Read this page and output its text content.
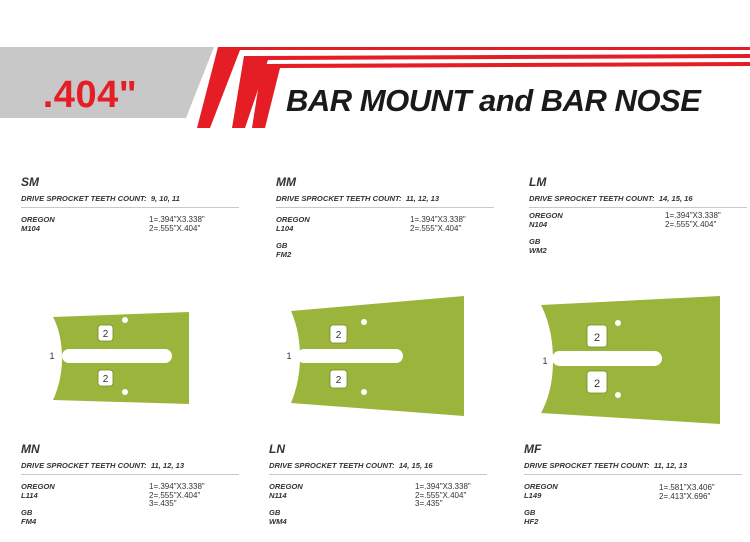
.404"	BAR MOUNT and BAR NOSE
2
2
1
2
2
1
2
2
1
SM
DRIVE SPROCKET TEETH COUNT: 9, 10, 11
OREGON
M104
1=.394"X3.338"
2=.555"X.404"
MM
DRIVE SPROCKET TEETH COUNT: 11, 12, 13
OREGON
L104
1=.394"X3.338"
2=.555"X.404"
GB
FM2
LM
DRIVE SPROCKET TEETH COUNT: 14, 15, 16
OREGON
N104
1=.394"X3.338"
2=.555"X.404"
GB
WM2
MN
DRIVE SPROCKET TEETH COUNT: 11, 12, 13
OREGON
L114
1=.394"X3.338"
2=.555"X.404"
3=.435"
GB
FM4
LN
DRIVE SPROCKET TEETH COUNT: 14, 15, 16
OREGON
N114
1=.394"X3.338"
2=.555"X.404"
3=.435"
GB
WM4
MF
DRIVE SPROCKET TEETH COUNT: 11, 12, 13
OREGON
L149
1=.581"X3.406"
2=.413"X.696"
GB
HF2
